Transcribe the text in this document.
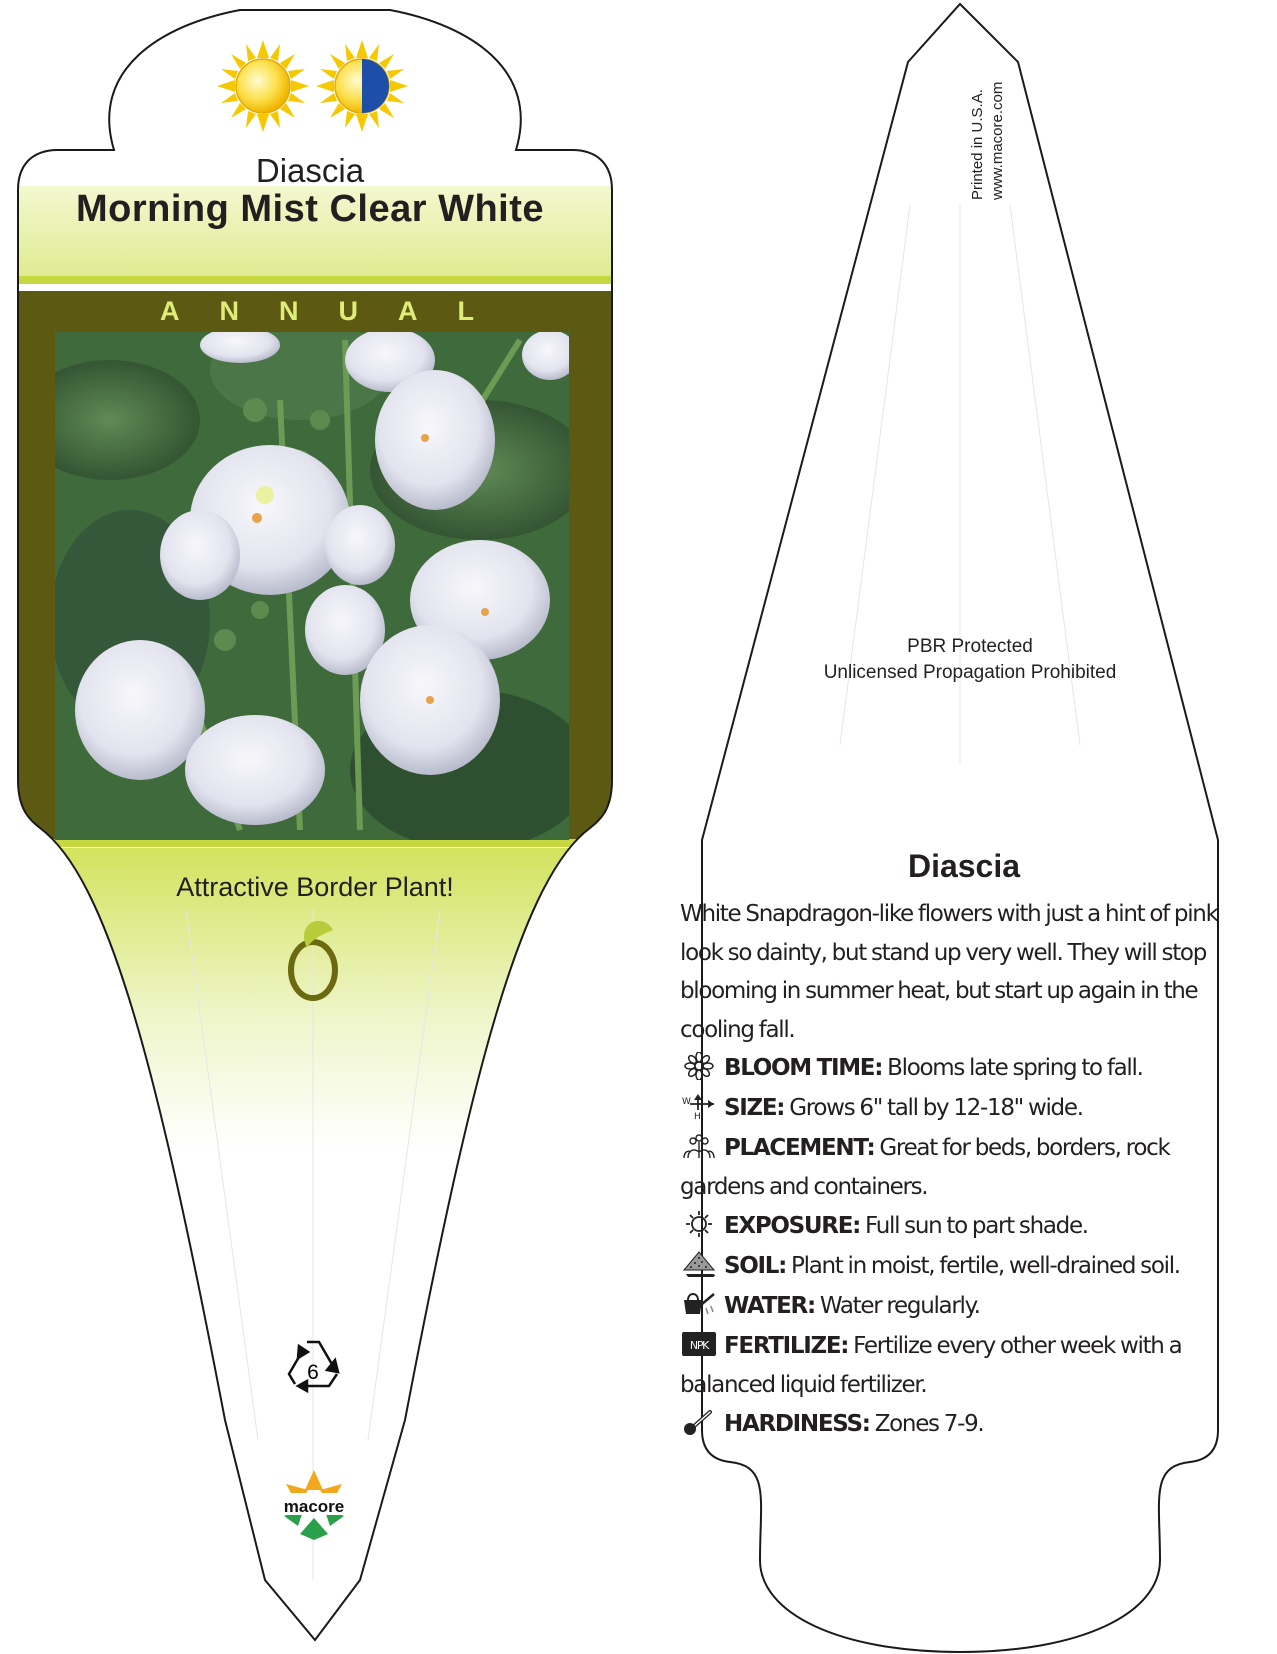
Diascia
Morning Mist Clear White
ANNUAL
Attractive Border Plant!
6
macore
Printed in U.S.A. www.macore.com
PBR Protected
Unlicensed Propagation Prohibited
Diascia
White Snapdragon-like flowers with just a hint of pink look so dainty, but stand up very well. They will stop blooming in summer heat, but start up again in the cooling fall.
BLOOM TIME: Blooms late spring to fall.
W
H SIZE: Grows 6" tall by 12-18" wide.
PLACEMENT: Great for beds, borders, rock gardens and containers.
EXPOSURE: Full sun to part shade.
SOIL: Plant in moist, fertile, well-drained soil.
WATER: Water regularly.
NPK FERTILIZE: Fertilize every other week with a balanced liquid fertilizer.
HARDINESS: Zones 7-9.
